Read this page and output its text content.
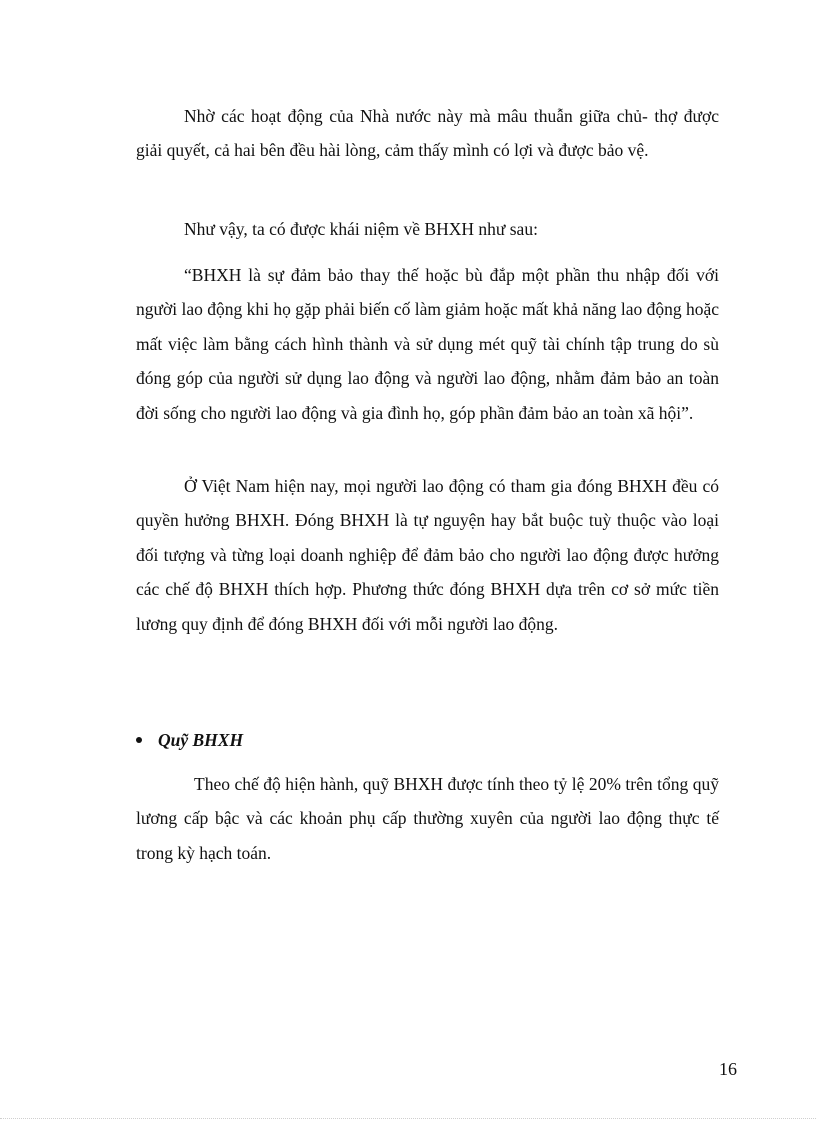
Nhờ các hoạt động của Nhà nước này mà mâu thuẫn giữa chủ- thợ được giải quyết, cả hai bên đều hài lòng, cảm thấy mình có lợi và được bảo vệ.

Như vậy, ta có được khái niệm về BHXH như sau:

“BHXH là sự đảm bảo thay thế hoặc bù đắp một phần thu nhập đối với người lao động khi họ gặp phải biến cố làm giảm hoặc mất khả năng lao động hoặc mất việc làm bằng cách hình thành và sử dụng mét quỹ tài chính tập trung do sù đóng góp của người sử dụng lao động và người lao động, nhằm đảm bảo an toàn đời sống cho người lao động và gia đình họ, góp phần đảm bảo an toàn xã hội”.

Ở Việt Nam hiện nay, mọi người lao động có tham gia đóng BHXH đều có quyền hưởng BHXH. Đóng BHXH là tự nguyện hay bắt buộc tuỳ thuộc vào loại đối tượng và từng loại doanh nghiệp để đảm bảo cho người lao động được hưởng các chế độ BHXH thích hợp. Phương thức đóng BHXH dựa trên cơ sở mức tiền lương quy định để đóng BHXH đối với mỗi người lao động.

Quỹ BHXH

Theo chế độ hiện hành, quỹ BHXH được tính theo tỷ lệ 20% trên tổng quỹ lương cấp bậc và các khoản phụ cấp thường xuyên của người lao động thực tế trong kỳ hạch toán.

16
